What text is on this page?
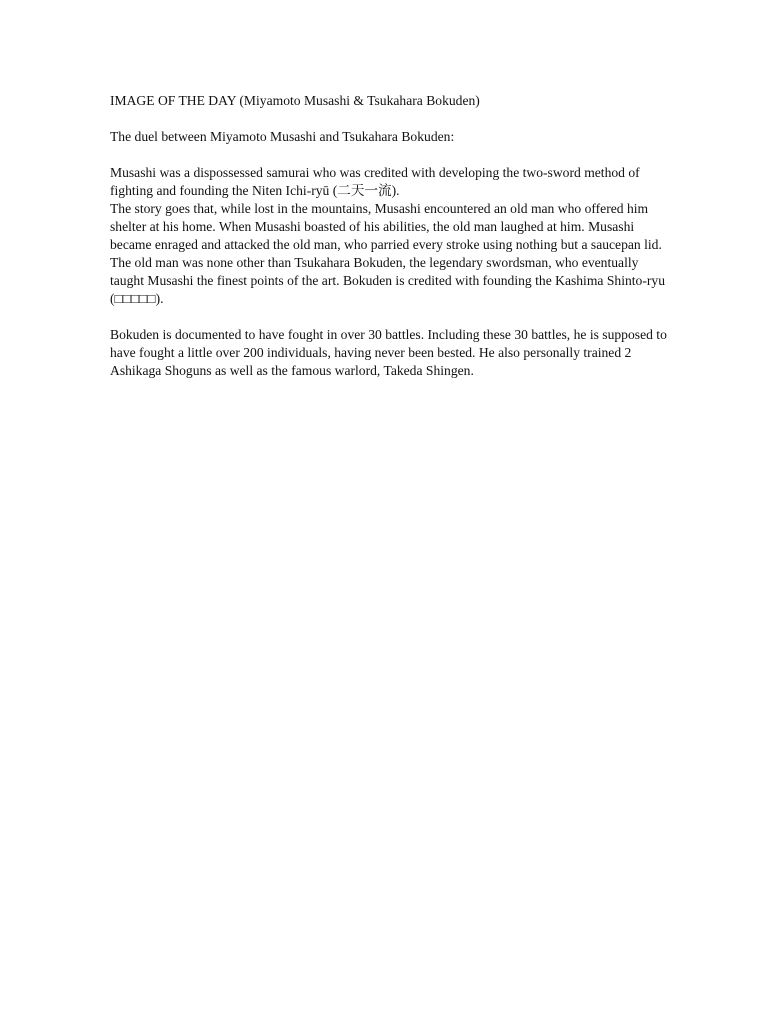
IMAGE OF THE DAY (Miyamoto Musashi & Tsukahara Bokuden)

The duel between Miyamoto Musashi and Tsukahara Bokuden:

Musashi was a dispossessed samurai who was credited with developing the two-sword method of fighting and founding the Niten Ichi-ryū (二天一流).

The story goes that, while lost in the mountains, Musashi encountered an old man who offered him shelter at his home. When Musashi boasted of his abilities, the old man laughed at him. Musashi became enraged and attacked the old man, who parried every stroke using nothing but a saucepan lid.

The old man was none other than Tsukahara Bokuden, the legendary swordsman, who eventually taught Musashi the finest points of the art. Bokuden is credited with founding the Kashima Shinto-ryu (□□□□□).

Bokuden is documented to have fought in over 30 battles. Including these 30 battles, he is supposed to have fought a little over 200 individuals, having never been bested. He also personally trained 2 Ashikaga Shoguns as well as the famous warlord, Takeda Shingen.
